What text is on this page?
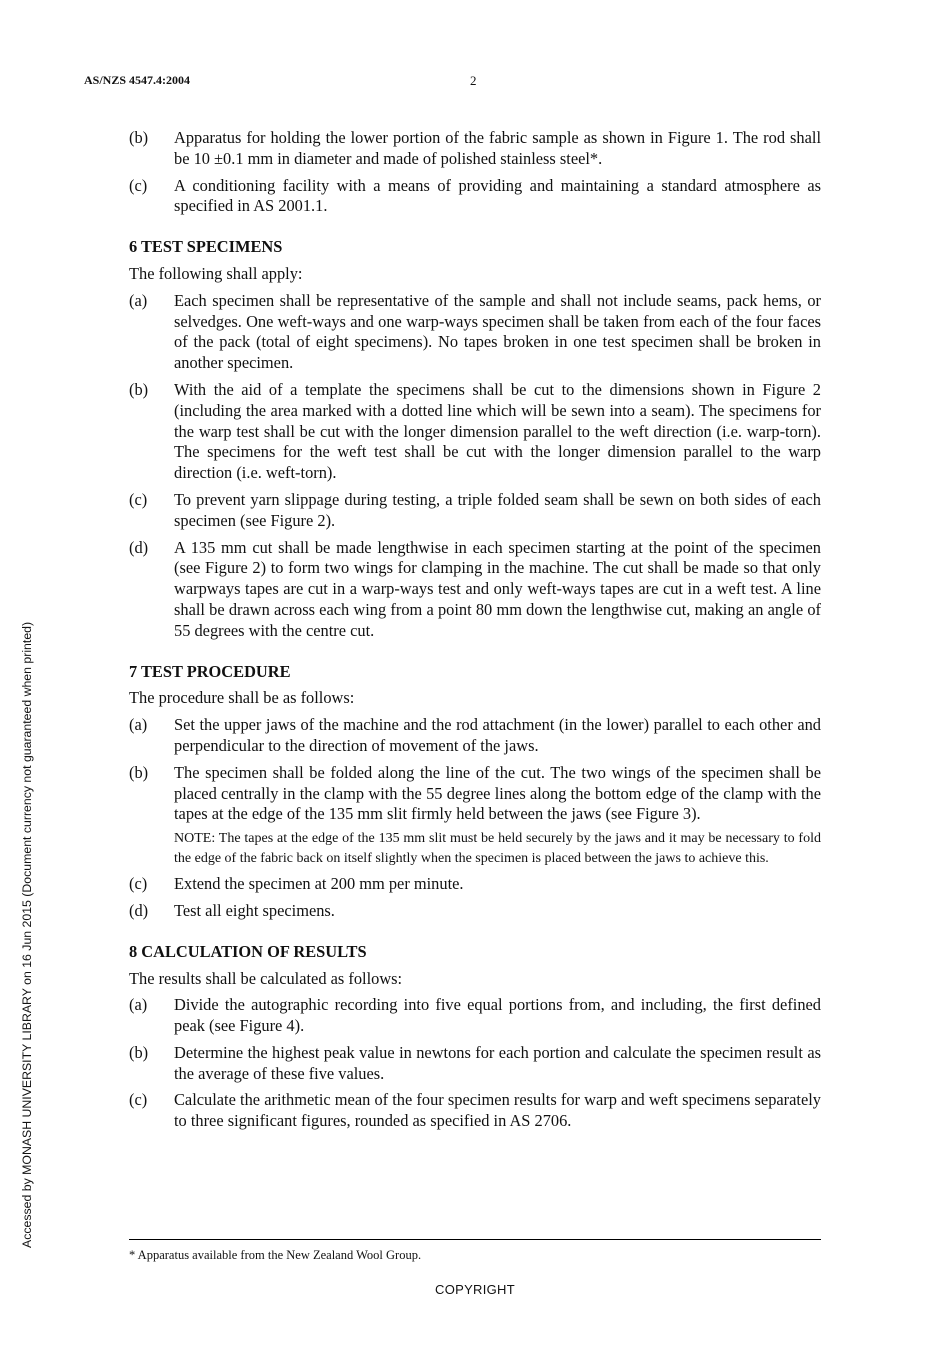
AS/NZS 4547.4:2004	2
(b)	Apparatus for holding the lower portion of the fabric sample as shown in Figure 1. The rod shall be 10 ±0.1 mm in diameter and made of polished stainless steel*.
(c)	A conditioning facility with a means of providing and maintaining a standard atmosphere as specified in AS 2001.1.
6 TEST SPECIMENS
The following shall apply:
(a)	Each specimen shall be representative of the sample and shall not include seams, pack hems, or selvedges. One weft-ways and one warp-ways specimen shall be taken from each of the four faces of the pack (total of eight specimens). No tapes broken in one test specimen shall be broken in another specimen.
(b)	With the aid of a template the specimens shall be cut to the dimensions shown in Figure 2 (including the area marked with a dotted line which will be sewn into a seam). The specimens for the warp test shall be cut with the longer dimension parallel to the weft direction (i.e. warp-torn). The specimens for the weft test shall be cut with the longer dimension parallel to the warp direction (i.e. weft-torn).
(c)	To prevent yarn slippage during testing, a triple folded seam shall be sewn on both sides of each specimen (see Figure 2).
(d)	A 135 mm cut shall be made lengthwise in each specimen starting at the point of the specimen (see Figure 2) to form two wings for clamping in the machine. The cut shall be made so that only warpways tapes are cut in a warp-ways test and only weft-ways tapes are cut in a weft test. A line shall be drawn across each wing from a point 80 mm down the lengthwise cut, making an angle of 55 degrees with the centre cut.
7 TEST PROCEDURE
The procedure shall be as follows:
(a)	Set the upper jaws of the machine and the rod attachment (in the lower) parallel to each other and perpendicular to the direction of movement of the jaws.
(b)	The specimen shall be folded along the line of the cut. The two wings of the specimen shall be placed centrally in the clamp with the 55 degree lines along the bottom edge of the clamp with the tapes at the edge of the 135 mm slit firmly held between the jaws (see Figure 3).
NOTE: The tapes at the edge of the 135 mm slit must be held securely by the jaws and it may be necessary to fold the edge of the fabric back on itself slightly when the specimen is placed between the jaws to achieve this.
(c)	Extend the specimen at 200 mm per minute.
(d)	Test all eight specimens.
8 CALCULATION OF RESULTS
The results shall be calculated as follows:
(a)	Divide the autographic recording into five equal portions from, and including, the first defined peak (see Figure 4).
(b)	Determine the highest peak value in newtons for each portion and calculate the specimen result as the average of these five values.
(c)	Calculate the arithmetic mean of the four specimen results for warp and weft specimens separately to three significant figures, rounded as specified in AS 2706.
* Apparatus available from the New Zealand Wool Group.
COPYRIGHT
Accessed by MONASH UNIVERSITY LIBRARY on 16 Jun 2015 (Document currency not guaranteed when printed)
